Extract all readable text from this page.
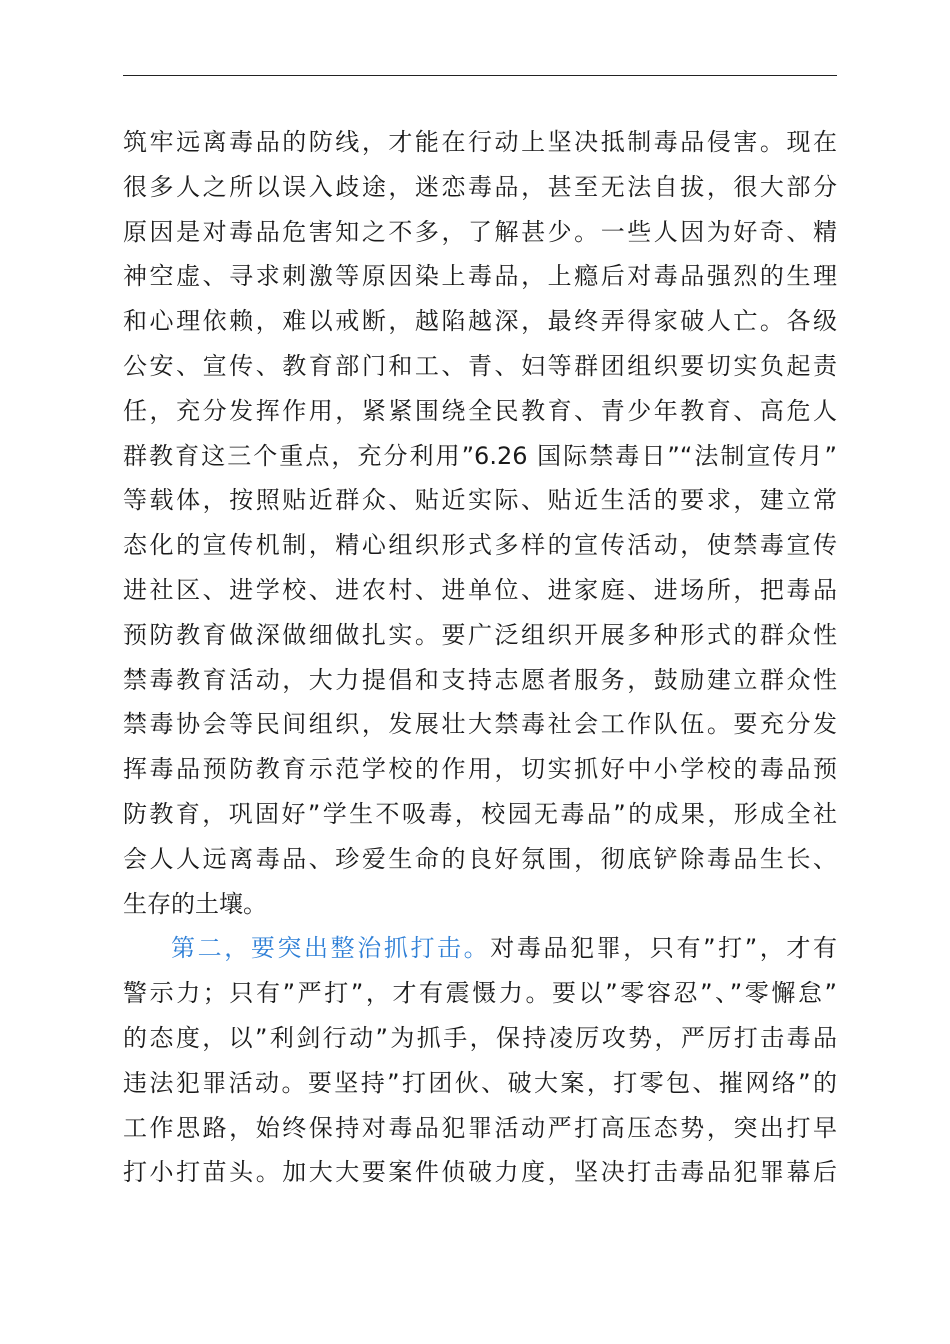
筑牢远离毒品的防线，才能在行动上坚决抵制毒品侵害。现在
很多人之所以误入歧途，迷恋毒品，甚至无法自拔，很大部分
原因是对毒品危害知之不多，了解甚少。一些人因为好奇、精
神空虚、寻求刺激等原因染上毒品，上瘾后对毒品强烈的生理
和心理依赖，难以戒断，越陷越深，最终弄得家破人亡。各级
公安、宣传、教育部门和工、青、妇等群团组织要切实负起责
任，充分发挥作用，紧紧围绕全民教育、青少年教育、高危人
群教育这三个重点，充分利用”6.26 国际禁毒日”“法制宣传月”
等载体，按照贴近群众、贴近实际、贴近生活的要求，建立常
态化的宣传机制，精心组织形式多样的宣传活动，使禁毒宣传
进社区、进学校、进农村、进单位、进家庭、进场所，把毒品
预防教育做深做细做扎实。要广泛组织开展多种形式的群众性
禁毒教育活动，大力提倡和支持志愿者服务，鼓励建立群众性
禁毒协会等民间组织，发展壮大禁毒社会工作队伍。要充分发
挥毒品预防教育示范学校的作用，切实抓好中小学校的毒品预
防教育，巩固好”学生不吸毒，校园无毒品”的成果，形成全社
会人人远离毒品、珍爱生命的良好氛围，彻底铲除毒品生长、
生存的土壤。
第二，要突出整治抓打击。对毒品犯罪，只有”打”，才有
警示力；只有”严打”，才有震慑力。要以”零容忍”、”零懈怠”
的态度，以”利剑行动”为抓手，保持凌厉攻势，严厉打击毒品
违法犯罪活动。要坚持”打团伙、破大案，打零包、摧网络”的
工作思路，始终保持对毒品犯罪活动严打高压态势，突出打早
打小打苗头。加大大要案件侦破力度，坚决打击毒品犯罪幕后
